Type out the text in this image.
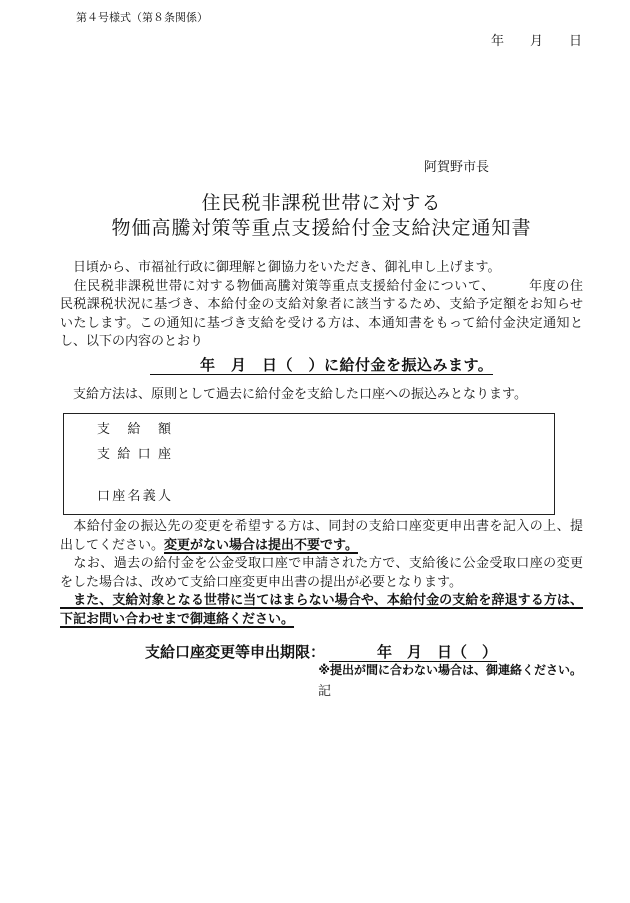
第４号様式（第８条関係）
年　　月　　日
阿賀野市長
住民税非課税世帯に対する
物価高騰対策等重点支援給付金支給決定通知書
　日頃から、市福祉行政に御理解と御協力をいただき、御礼申し上げます。
　住民税非課税世帯に対する物価高騰対策等重点支援給付金について、　　　年度の住
民税課税状況に基づき、本給付金の支給対象者に該当するため、支給予定額をお知らせ
いたします。この通知に基づき支給を受ける方は、本通知書をもって給付金決定通知と
し、以下の内容のとおり
年　月　日（　）に給付金を振込みます。
　支給方法は、原則として過去に給付金を支給した口座への振込みとなります。
支給額
支給口座
口座名義人
　本給付金の振込先の変更を希望する方は、同封の支給口座変更申出書を記入の上、提
出してください。変更がない場合は提出不要です。
　なお、過去の給付金を公金受取口座で申請された方で、支給後に公金受取口座の変更
をした場合は、改めて支給口座変更申出書の提出が必要となります。
　また、支給対象となる世帯に当てはまらない場合や、本給付金の支給を辞退する方は、
下記お問い合わせまで御連絡ください。
支給口座変更等申出期限：	年　月　日（　）
※提出が間に合わない場合は、御連絡ください。
記
